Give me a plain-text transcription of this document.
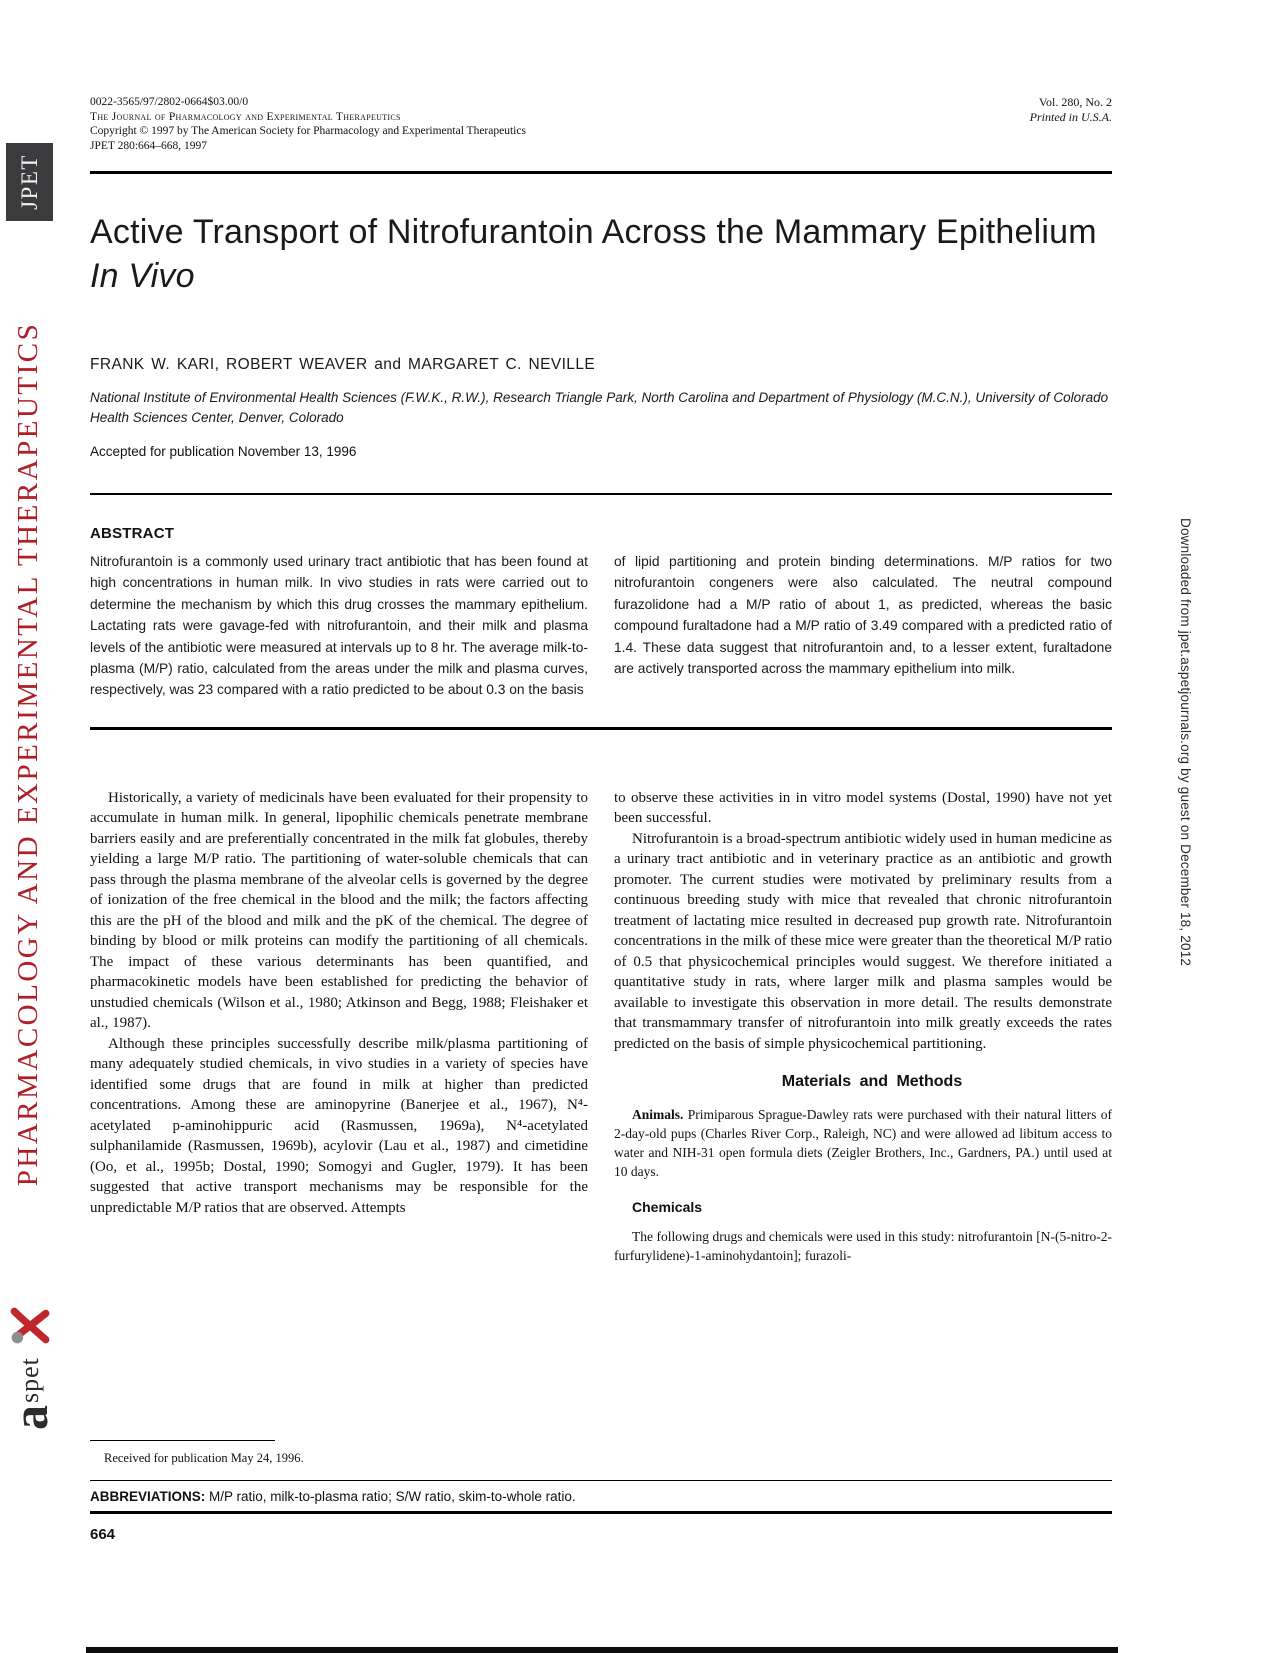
JPET
PHARMACOLOGY AND EXPERIMENTAL THERAPEUTICS
a
spet
Downloaded from jpet.aspetjournals.org by guest on December 18, 2012
0022-3565/97/2802-0664$03.00/0
The Journal of Pharmacology and Experimental Therapeutics
Copyright © 1997 by The American Society for Pharmacology and Experimental Therapeutics
JPET 280:664–668, 1997
Vol. 280, No. 2
Printed in U.S.A.
Active Transport of Nitrofurantoin Across the Mammary Epithelium In Vivo
FRANK W. KARI, ROBERT WEAVER and MARGARET C. NEVILLE
National Institute of Environmental Health Sciences (F.W.K., R.W.), Research Triangle Park, North Carolina and Department of Physiology (M.C.N.), University of Colorado Health Sciences Center, Denver, Colorado
Accepted for publication November 13, 1996
ABSTRACT
Nitrofurantoin is a commonly used urinary tract antibiotic that has been found at high concentrations in human milk. In vivo studies in rats were carried out to determine the mechanism by which this drug crosses the mammary epithelium. Lactating rats were gavage-fed with nitrofurantoin, and their milk and plasma levels of the antibiotic were measured at intervals up to 8 hr. The average milk-to-plasma (M/P) ratio, calculated from the areas under the milk and plasma curves, respectively, was 23 compared with a ratio predicted to be about 0.3 on the basis
of lipid partitioning and protein binding determinations. M/P ratios for two nitrofurantoin congeners were also calculated. The neutral compound furazolidone had a M/P ratio of about 1, as predicted, whereas the basic compound furaltadone had a M/P ratio of 3.49 compared with a predicted ratio of 1.4. These data suggest that nitrofurantoin and, to a lesser extent, furaltadone are actively transported across the mammary epithelium into milk.

Historically, a variety of medicinals have been evaluated for their propensity to accumulate in human milk. In general, lipophilic chemicals penetrate membrane barriers easily and are preferentially concentrated in the milk fat globules, thereby yielding a large M/P ratio. The partitioning of water-soluble chemicals that can pass through the plasma membrane of the alveolar cells is governed by the degree of ionization of the free chemical in the blood and the milk; the factors affecting this are the pH of the blood and milk and the pK of the chemical. The degree of binding by blood or milk proteins can modify the partitioning of all chemicals. The impact of these various determinants has been quantified, and pharmacokinetic models have been established for predicting the behavior of unstudied chemicals (Wilson et al., 1980; Atkinson and Begg, 1988; Fleishaker et al., 1987).

Although these principles successfully describe milk/plasma partitioning of many adequately studied chemicals, in vivo studies in a variety of species have identified some drugs that are found in milk at higher than predicted concentrations. Among these are aminopyrine (Banerjee et al., 1967), N⁴-acetylated p-aminohippuric acid (Rasmussen, 1969a), N⁴-acetylated sulphanilamide (Rasmussen, 1969b), acylovir (Lau et al., 1987) and cimetidine (Oo, et al., 1995b; Dostal, 1990; Somogyi and Gugler, 1979). It has been suggested that active transport mechanisms may be responsible for the unpredictable M/P ratios that are observed. Attempts

Received for publication May 24, 1996.

to observe these activities in in vitro model systems (Dostal, 1990) have not yet been successful.

Nitrofurantoin is a broad-spectrum antibiotic widely used in human medicine as a urinary tract antibiotic and in veterinary practice as an antibiotic and growth promoter. The current studies were motivated by preliminary results from a continuous breeding study with mice that revealed that chronic nitrofurantoin treatment of lactating mice resulted in decreased pup growth rate. Nitrofurantoin concentrations in the milk of these mice were greater than the theoretical M/P ratio of 0.5 that physicochemical principles would suggest. We therefore initiated a quantitative study in rats, where larger milk and plasma samples would be available to investigate this observation in more detail. The results demonstrate that transmammary transfer of nitrofurantoin into milk greatly exceeds the rates predicted on the basis of simple physicochemical partitioning.

Materials and Methods

Animals. Primiparous Sprague-Dawley rats were purchased with their natural litters of 2-day-old pups (Charles River Corp., Raleigh, NC) and were allowed ad libitum access to water and NIH-31 open formula diets (Zeigler Brothers, Inc., Gardners, PA.) until used at 10 days.

Chemicals

The following drugs and chemicals were used in this study: nitrofurantoin [N-(5-nitro-2-furfurylidene)-1-aminohydantoin]; furazoli-

ABBREVIATIONS: M/P ratio, milk-to-plasma ratio; S/W ratio, skim-to-whole ratio.
664
